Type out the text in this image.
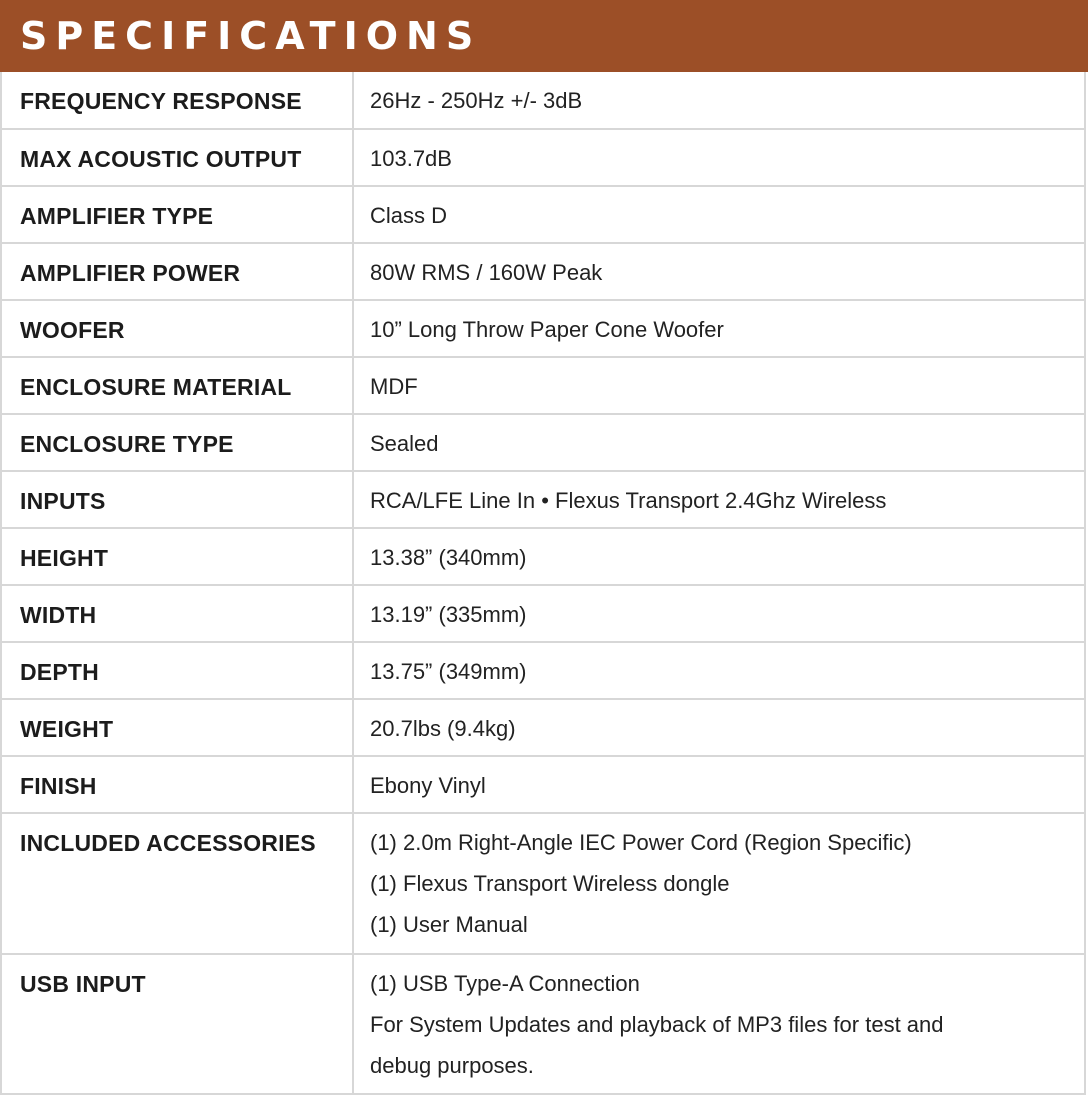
SPECIFICATIONS
FREQUENCY RESPONSE	26Hz - 250Hz +/- 3dB

MAX ACOUSTIC OUTPUT	103.7dB

AMPLIFIER TYPE	Class D

AMPLIFIER POWER	80W RMS / 160W Peak

WOOFER	10” Long Throw Paper Cone Woofer

ENCLOSURE MATERIAL	MDF

ENCLOSURE TYPE	Sealed

INPUTS	RCA/LFE Line In • Flexus Transport 2.4Ghz Wireless

HEIGHT	13.38” (340mm)

WIDTH	13.19” (335mm)

DEPTH	13.75” (349mm)

WEIGHT	20.7lbs (9.4kg)

FINISH	Ebony Vinyl

INCLUDED ACCESSORIES	(1) 2.0m Right-Angle IEC Power Cord (Region Specific)
(1) Flexus Transport Wireless dongle
(1) User Manual

USB INPUT	(1) USB Type-A Connection
For System Updates and playback of MP3 files for test and
debug purposes.
